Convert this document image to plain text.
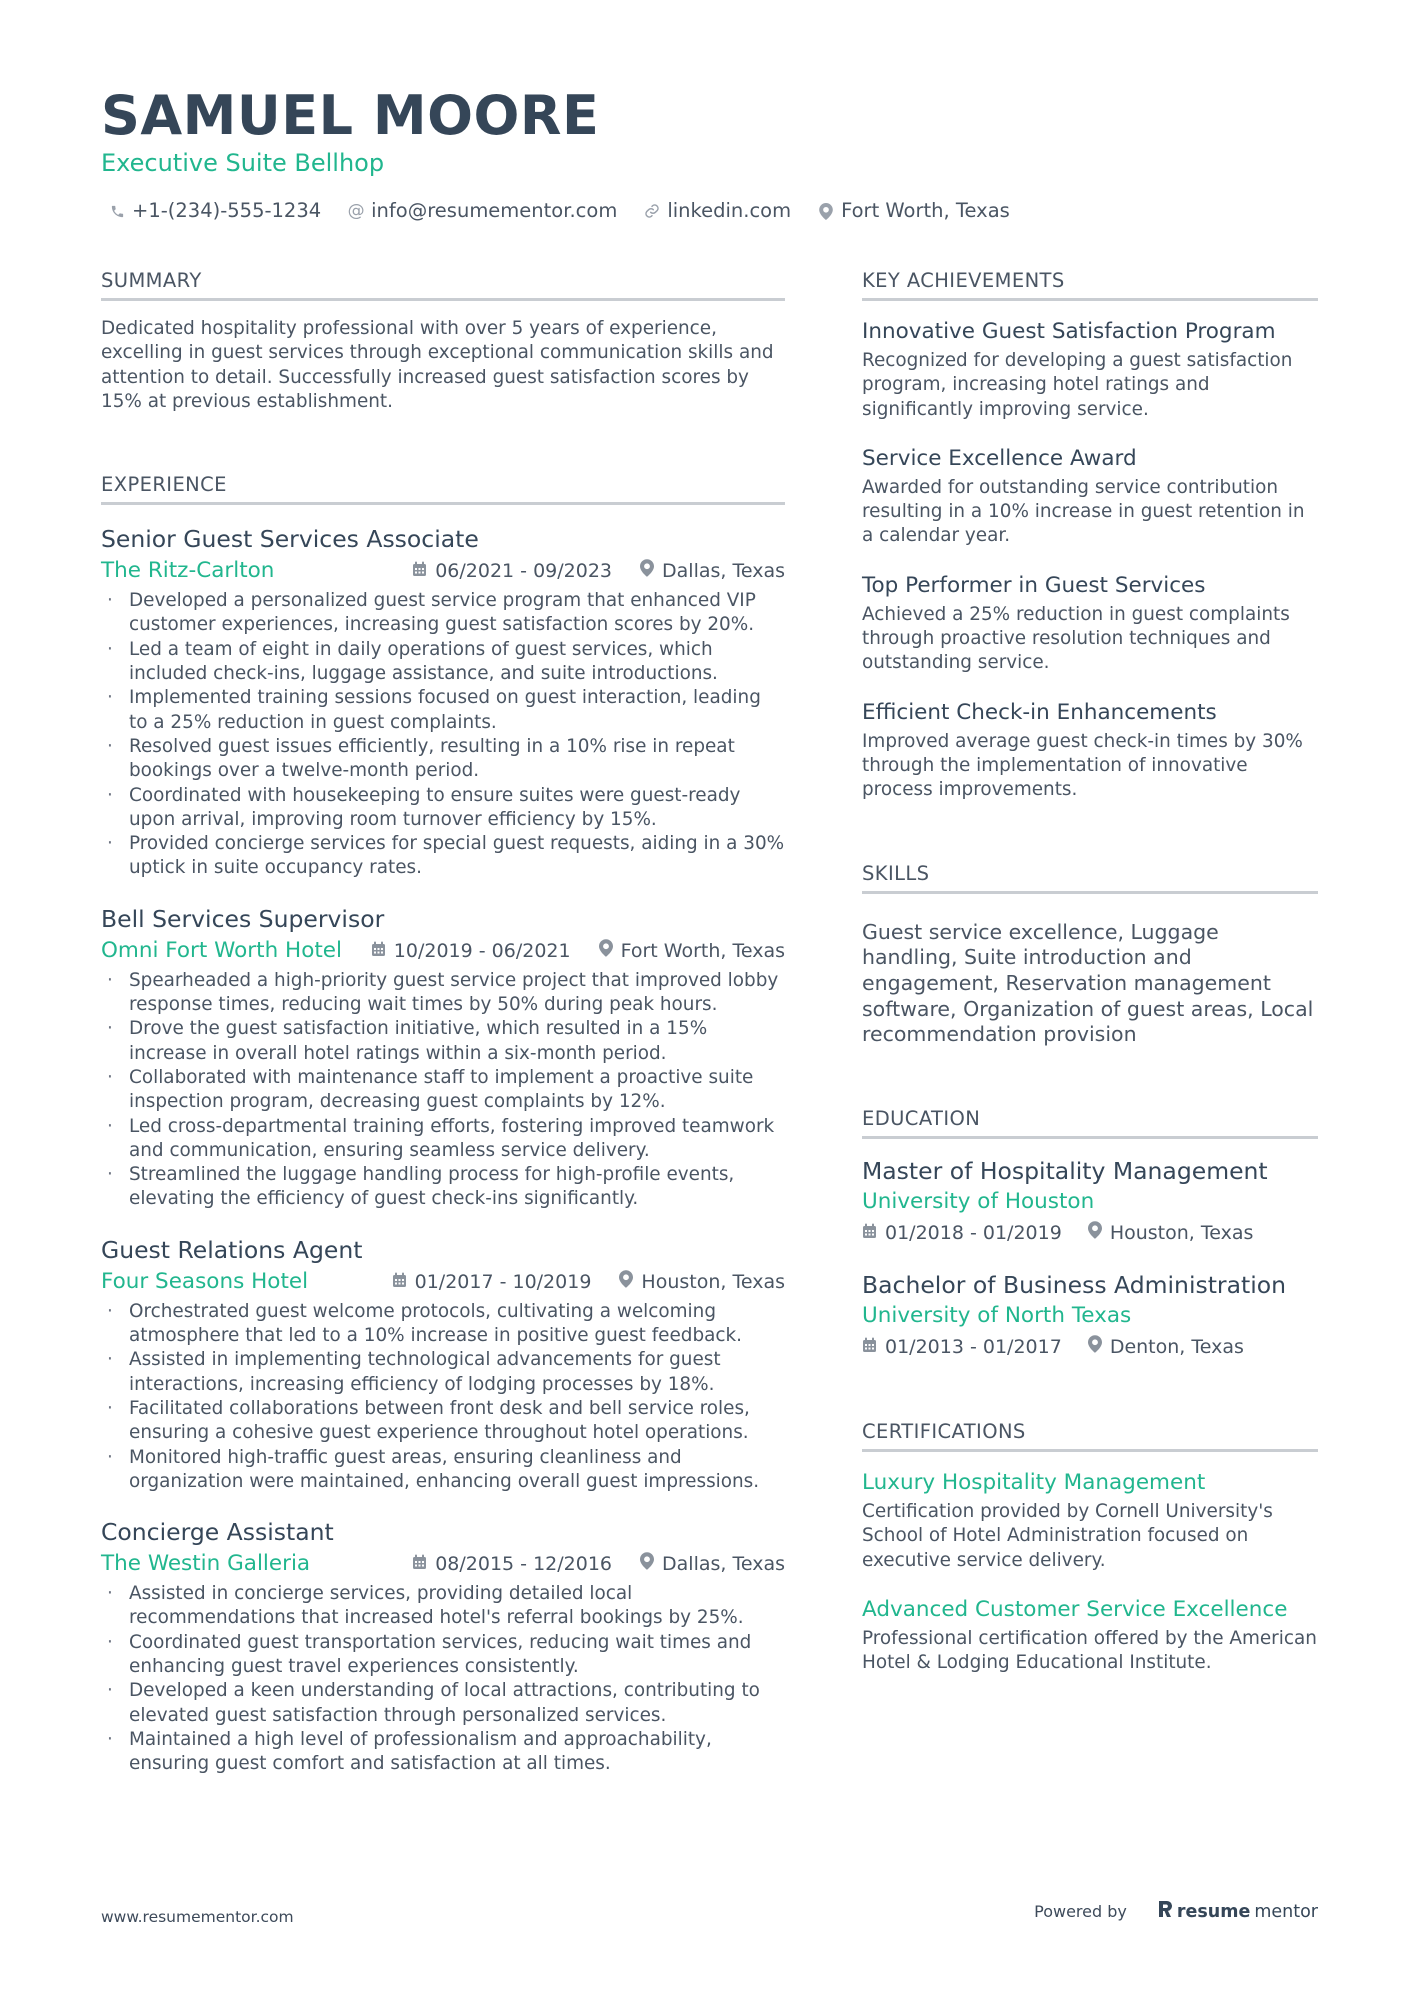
SAMUEL MOORE
Executive Suite Bellhop
+1-(234)-555-1234 @ info@resumementor.com	linkedin.com	Fort Worth, Texas
SUMMARY
Dedicated hospitality professional with over 5 years of experience, excelling in guest services through exceptional communication skills and attention to detail. Successfully increased guest satisfaction scores by 15% at previous establishment.
EXPERIENCE
Senior Guest Services Associate
The Ritz-Carlton	06/2021 - 09/2023	Dallas, Texas
· Developed a personalized guest service program that enhanced VIP customer experiences, increasing guest satisfaction scores by 20%.
· Led a team of eight in daily operations of guest services, which included check-ins, luggage assistance, and suite introductions.
· Implemented training sessions focused on guest interaction, leading to a 25% reduction in guest complaints.
· Resolved guest issues efficiently, resulting in a 10% rise in repeat bookings over a twelve-month period.
· Coordinated with housekeeping to ensure suites were guest-ready upon arrival, improving room turnover efficiency by 15%.
· Provided concierge services for special guest requests, aiding in a 30% uptick in suite occupancy rates.
Bell Services Supervisor
Omni Fort Worth Hotel	10/2019 - 06/2021	Fort Worth, Texas
· Spearheaded a high-priority guest service project that improved lobby response times, reducing wait times by 50% during peak hours.
· Drove the guest satisfaction initiative, which resulted in a 15% increase in overall hotel ratings within a six-month period.
· Collaborated with maintenance staff to implement a proactive suite inspection program, decreasing guest complaints by 12%.
· Led cross-departmental training efforts, fostering improved teamwork and communication, ensuring seamless service delivery.
· Streamlined the luggage handling process for high-profile events, elevating the efficiency of guest check-ins significantly.
Guest Relations Agent
Four Seasons Hotel	01/2017 - 10/2019	Houston, Texas
· Orchestrated guest welcome protocols, cultivating a welcoming atmosphere that led to a 10% increase in positive guest feedback.
· Assisted in implementing technological advancements for guest interactions, increasing efficiency of lodging processes by 18%.
· Facilitated collaborations between front desk and bell service roles, ensuring a cohesive guest experience throughout hotel operations.
· Monitored high-traffic guest areas, ensuring cleanliness and organization were maintained, enhancing overall guest impressions.
Concierge Assistant
The Westin Galleria	08/2015 - 12/2016	Dallas, Texas
· Assisted in concierge services, providing detailed local recommendations that increased hotel's referral bookings by 25%.
· Coordinated guest transportation services, reducing wait times and enhancing guest travel experiences consistently.
· Developed a keen understanding of local attractions, contributing to elevated guest satisfaction through personalized services.
· Maintained a high level of professionalism and approachability, ensuring guest comfort and satisfaction at all times.
KEY ACHIEVEMENTS
Innovative Guest Satisfaction Program
Recognized for developing a guest satisfaction program, increasing hotel ratings and significantly improving service.
Service Excellence Award
Awarded for outstanding service contribution resulting in a 10% increase in guest retention in a calendar year.
Top Performer in Guest Services
Achieved a 25% reduction in guest complaints through proactive resolution techniques and outstanding service.
Efficient Check-in Enhancements
Improved average guest check-in times by 30% through the implementation of innovative process improvements.
SKILLS
Guest service excellence, Luggage handling, Suite introduction and engagement, Reservation management software, Organization of guest areas, Local recommendation provision
EDUCATION
Master of Hospitality Management
University of Houston
01/2018 - 01/2019	Houston, Texas
Bachelor of Business Administration
University of North Texas
01/2013 - 01/2017	Denton, Texas
CERTIFICATIONS
Luxury Hospitality Management
Certification provided by Cornell University's School of Hotel Administration focused on executive service delivery.
Advanced Customer Service Excellence
Professional certification offered by the American Hotel & Lodging Educational Institute.
www.resumementor.com	Powered by	resume mentor
